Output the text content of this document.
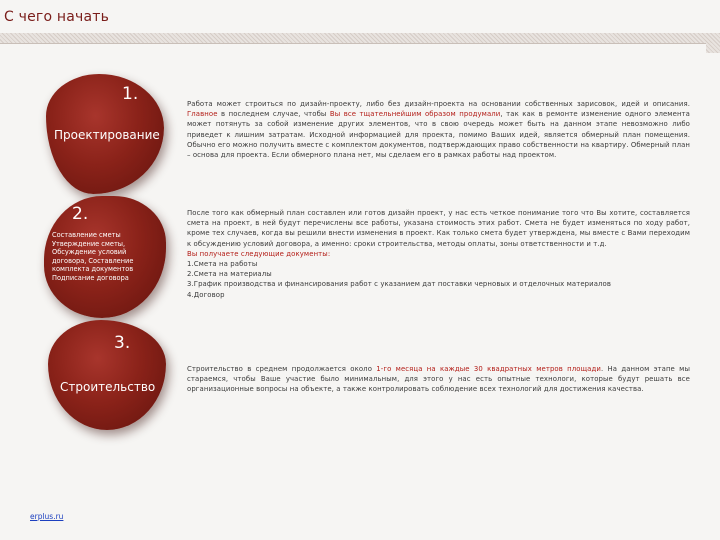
С чего начать
1.
Проектирование
2.
Составление сметы Утверждение сметы, Обсуждение условий договора, Составление комплекта документов Подписание договора
3.
Строительство
Работа может строиться по дизайн-проекту, либо без дизайн-проекта на основании собственных зарисовок, идей и описания. Главное в последнем случае, чтобы Вы все тщательнейшим образом продумали, так как в ремонте изменение одного элемента может потянуть за собой изменение других элементов, что в свою очередь может быть на данном этапе невозможно либо приведет к лишним затратам. Исходной информацией для проекта, помимо Ваших идей, является обмерный план помещения. Обычно его можно получить вместе с комплектом документов, подтверждающих право собственности на квартиру. Обмерный план – основа для проекта. Если обмерного плана нет, мы сделаем его в рамках работы над проектом.

После того как обмерный план составлен или готов дизайн проект, у нас есть четкое понимание того что Вы хотите, составляется смета на проект, в ней будут перечислены все работы, указана стоимость этих работ. Смета не будет изменяться по ходу работ, кроме тех случаев, когда вы решили внести изменения в проект. Как только смета будет утверждена, мы вместе с Вами переходим к обсуждению условий договора, а именно: сроки строительства, методы оплаты, зоны ответственности и т.д.

Вы получаете следующие документы:

1.Смета на работы

2.Смета на материалы

3.График производства и финансирования работ с указанием дат поставки черновых и отделочных материалов

4.Договор

Строительство в среднем продолжается около 1-го месяца на каждые 30 квадратных метров площади. На данном этапе мы стараемся, чтобы Ваше участие было минимальным, для этого у нас есть опытные технологи, которые будут решать все организационные вопросы на объекте, а также контролировать соблюдение всех технологий для достижения качества.
erplus.ru
